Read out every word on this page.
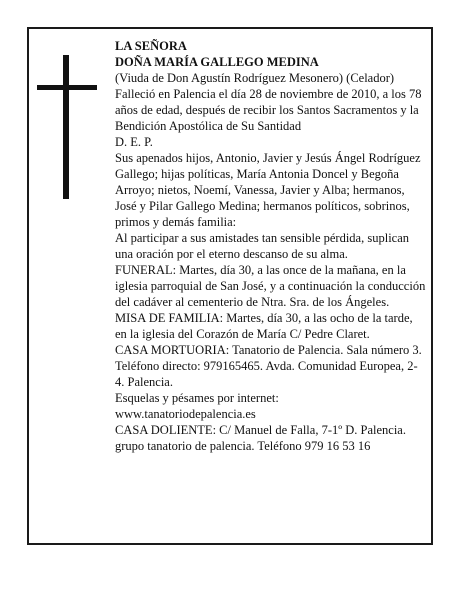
LA SEÑORA

DOÑA MARÍA GALLEGO MEDINA

(Viuda de Don Agustín Rodríguez Mesonero) (Celador)

Falleció en Palencia el día 28 de noviembre de 2010, a los 78 años de edad, después de recibir los Santos Sacramentos y la Bendición Apostólica de Su Santidad

D. E. P.

Sus apenados hijos, Antonio, Javier y Jesús Ángel Rodríguez Gallego; hijas políticas, María Antonia Doncel y Begoña Arroyo; nietos, Noemí, Vanessa, Javier y Alba; hermanos, José y Pilar Gallego Medina; hermanos políticos, sobrinos, primos y demás familia:

Al participar a sus amistades tan sensible pérdida, suplican una oración por el eterno descanso de su alma.

FUNERAL: Martes, día 30, a las once de la mañana, en la iglesia parroquial de San José, y a continuación la conducción del cadáver al cementerio de Ntra. Sra. de los Ángeles.

MISA DE FAMILIA: Martes, día 30, a las ocho de la tarde, en la iglesia del Corazón de María C/ Pedre Claret.

CASA MORTUORIA: Tanatorio de Palencia. Sala número 3. Teléfono directo: 979165465. Avda. Comunidad Europea, 2-4. Palencia.

Esquelas y pésames por internet:

www.tanatoriodepalencia.es

CASA DOLIENTE: C/ Manuel de Falla, 7-1º D. Palencia.

grupo tanatorio de palencia. Teléfono 979 16 53 16
